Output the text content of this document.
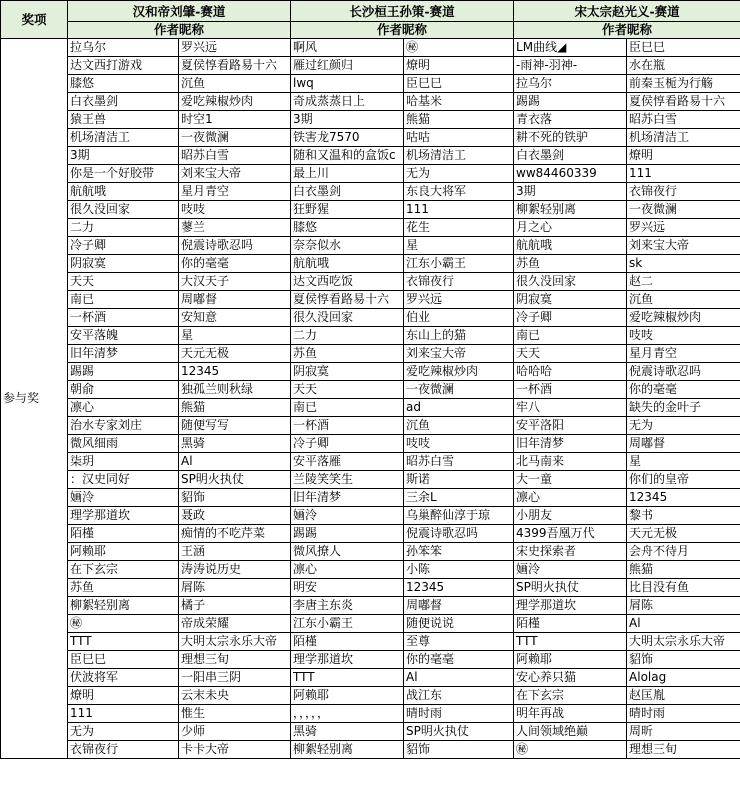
奖项	汉和帝刘肇-赛道		长沙桓王孙策-赛道		宋太宗赵光义-赛道	
	作者昵称		作者昵称		作者昵称	
参与奖	拉乌尔	罗兴远	啊风	㊙	LM曲线◢	臣巳巳
	达文西打游戏	夏侯惇看路易十六	雁过红颜归	燎明	-雨神-羽神-	水在瓶
	膝悠	沉鱼	lwq	臣巳巳	拉乌尔	前秦玉栀为行觞
	白衣墨剑	爱吃辣椒炒肉	奇成蒸蒸日上	哈基米	踢踢	夏侯惇看路易十六
	猿王兽	时空1	3期	熊猫	青衣落	昭苏白雪
	机场清洁工	一夜微澜	铁害龙7570	咕咕	耕不死的铁驴	机场清洁工
	3期	昭苏白雪	随和又温和的盒饭c	机场清洁工	白衣墨剑	燎明
	你是一个好胶带	刘来宝大帝	最上川	无为	ww84460339	111
	航航哦	星月青空	白衣墨剑	东良大将军	3期	衣锦夜行
	很久没回家	吱吱	狂野猩	111	柳絮轻别离	一夜微澜
	二力	蓼兰	膝悠	花生	月之心	罗兴远
	冷子卿	倪震诗歌忍吗	奈奈似水	星	航航哦	刘来宝大帝
	阴寂寞	你的毫毫	航航哦	江东小霸王	苏鱼	sk
	天天	大汉天子	达文西吃饭	衣锦夜行	很久没回家	赵二
	南已	周嘟督	夏侯惇看路易十六	罗兴远	阴寂寞	沉鱼
	一杯酒	安知意	很久没回家	伯业	冷子卿	爱吃辣椒炒肉
	安平落魄	星	二力	东山上的猫	南已	吱吱
	旧年清梦	天元无极	苏鱼	刘来宝大帝	天天	星月青空
	踢踢	12345	阴寂寞	爱吃辣椒炒肉	哈哈哈	倪震诗歌忍吗
	朝俞	独孤兰则秋绿	天天	一夜微澜	一杯酒	你的毫毫
	凛心	熊猫	南已	ad	牢八	缺失的金叶子
	治水专家刘庄	随便写写	一杯酒	沉鱼	安平洛阳	无为
	微风细雨	黑骑	冷子卿	吱吱	旧年清梦	周嘟督
	柒玥	Al	安平落雁	昭苏白雪	北马南来	星
	：汉史同好	SP明火执仗	兰陵笑笑生	斯诺	大一童	你们的皇帝
	婳泠	貂饰	旧年清梦	三余L	凛心	12345
	理学那道坎	聂政	婳泠	乌巢醉仙淳于琼	小朋友	黎书
	陌槿	痴情的不吃芹菜	踢踢	倪震诗歌忍吗	4399吾凰万代	天元无极
	阿赖耶	王涵	微风撩人	孙笨笨	宋史探索者	会舟不待月
	在下玄宗	涛涛说历史	凛心	小陈	婳泠	熊猫
	苏鱼	屑陈	明安	12345	SP明火执仗	比目没有鱼
	柳絮轻别离	橘子	李唐主东炎	周嘟督	理学那道坎	屑陈
	㊙	帝成荣耀	江东小霸王	随便说说	陌槿	Al
	TTT	大明太宗永乐大帝	陌槿	至尊	TTT	大明太宗永乐大帝
	臣巳巳	理想三旬	理学那道坎	你的毫毫	阿赖耶	貂饰
	伏波将军	一阳串三阴	TTT	Al	安心养只猫	Alolag
	燎明	云末未央	阿赖耶	战江东	在下玄宗	赵匡胤
	111	惟生	，，，，，	晴时雨	明年再战	晴时雨
	无为	少师	黑骑	SP明火执仗	人间领域绝巅	周昕
	衣锦夜行	卡卡大帝	柳絮轻别离	貂饰	㊙	理想三旬
